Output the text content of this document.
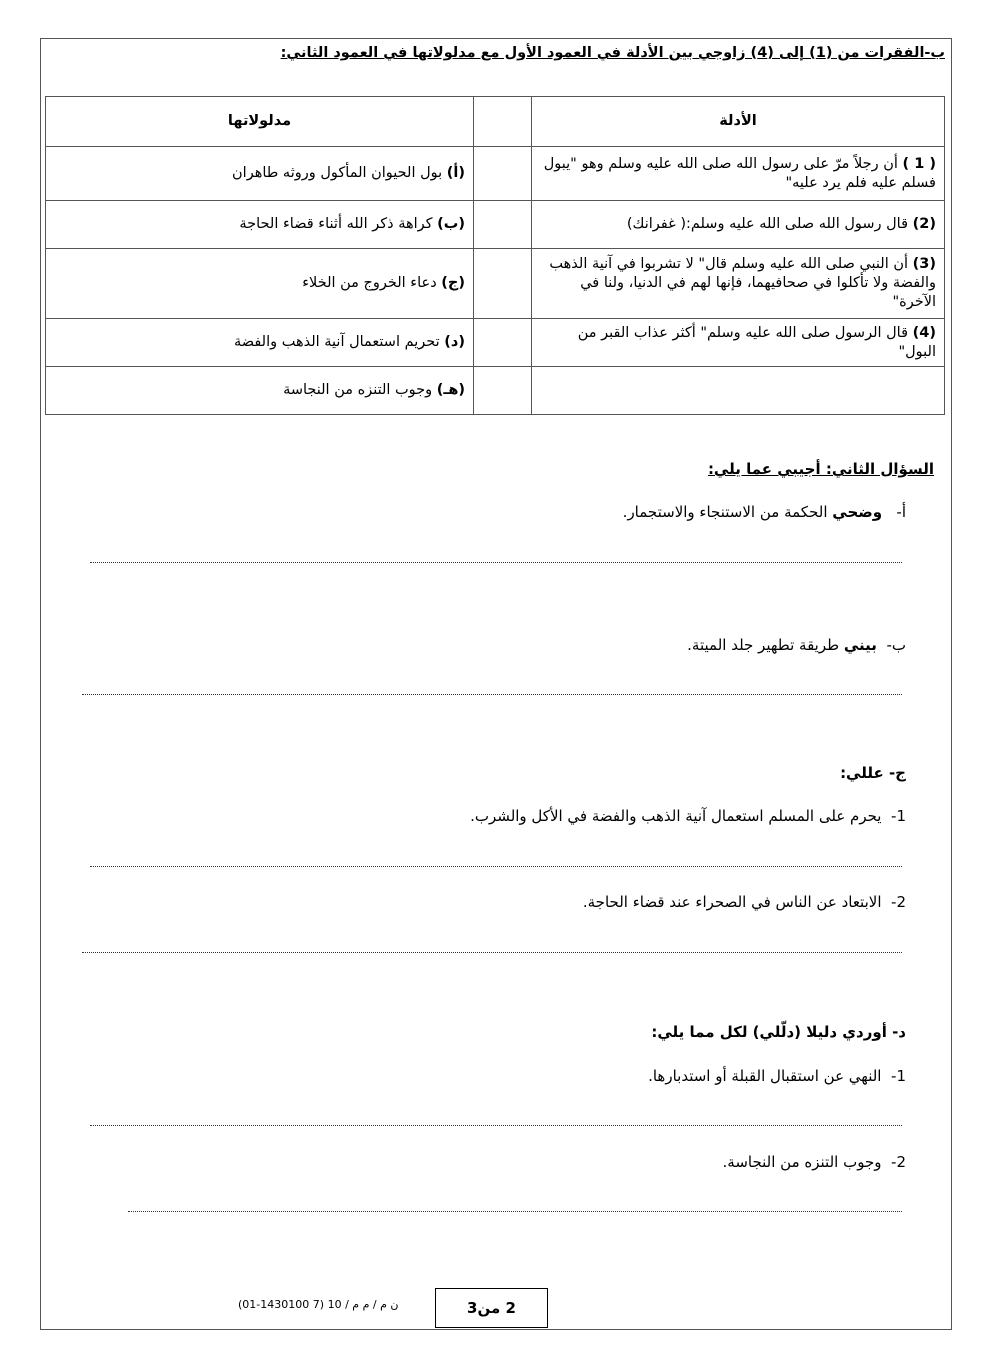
ب-الفقرات من (1) إلى (4) زاوجي بين الأدلة في العمود الأول مع مدلولاتها في العمود الثاني:
الأدلة		مدلولاتها
( 1 ) أن رجلاً مرّ على رسول الله صلى الله عليه وسلم وهو "يبول فسلم عليه فلم يرد عليه"		(أ) بول الحيوان المأكول وروثه طاهران
(2) قال رسول الله صلى الله عليه وسلم:( غفرانك)		(ب) كراهة ذكر الله أثناء قضاء الحاجة
(3) أن النبي صلى الله عليه وسلم قال" لا تشربوا في آنية الذهب والفضة ولا تأكلوا في صحافيهما، فإنها لهم في الدنيا، ولنا في الآخرة"		(ج) دعاء الخروج من الخلاء
(4) قال الرسول صلى الله عليه وسلم" أكثر عذاب القبر من البول"		(د) تحريم استعمال آنية الذهب والفضة
		(هـ) وجوب التنزه من النجاسة
السؤال الثاني: أجيبي عما يلي:
أ-   وضحي الحكمة من الاستنجاء والاستجمار.
ب-  بيني طريقة تطهير جلد الميتة.
ج- عللي:
1-  يحرم على المسلم استعمال آنية الذهب والفضة في الأكل والشرب.
2-  الابتعاد عن الناس في الصحراء عند قضاء الحاجة.
د- أوردي دليلا (دلّلي) لكل مما يلي:
1-  النهي عن استقبال القبلة أو استدبارها.
2-  وجوب التنزه من النجاسة.
2 من3
ن م / م م / 10 (7 1430100-01)
